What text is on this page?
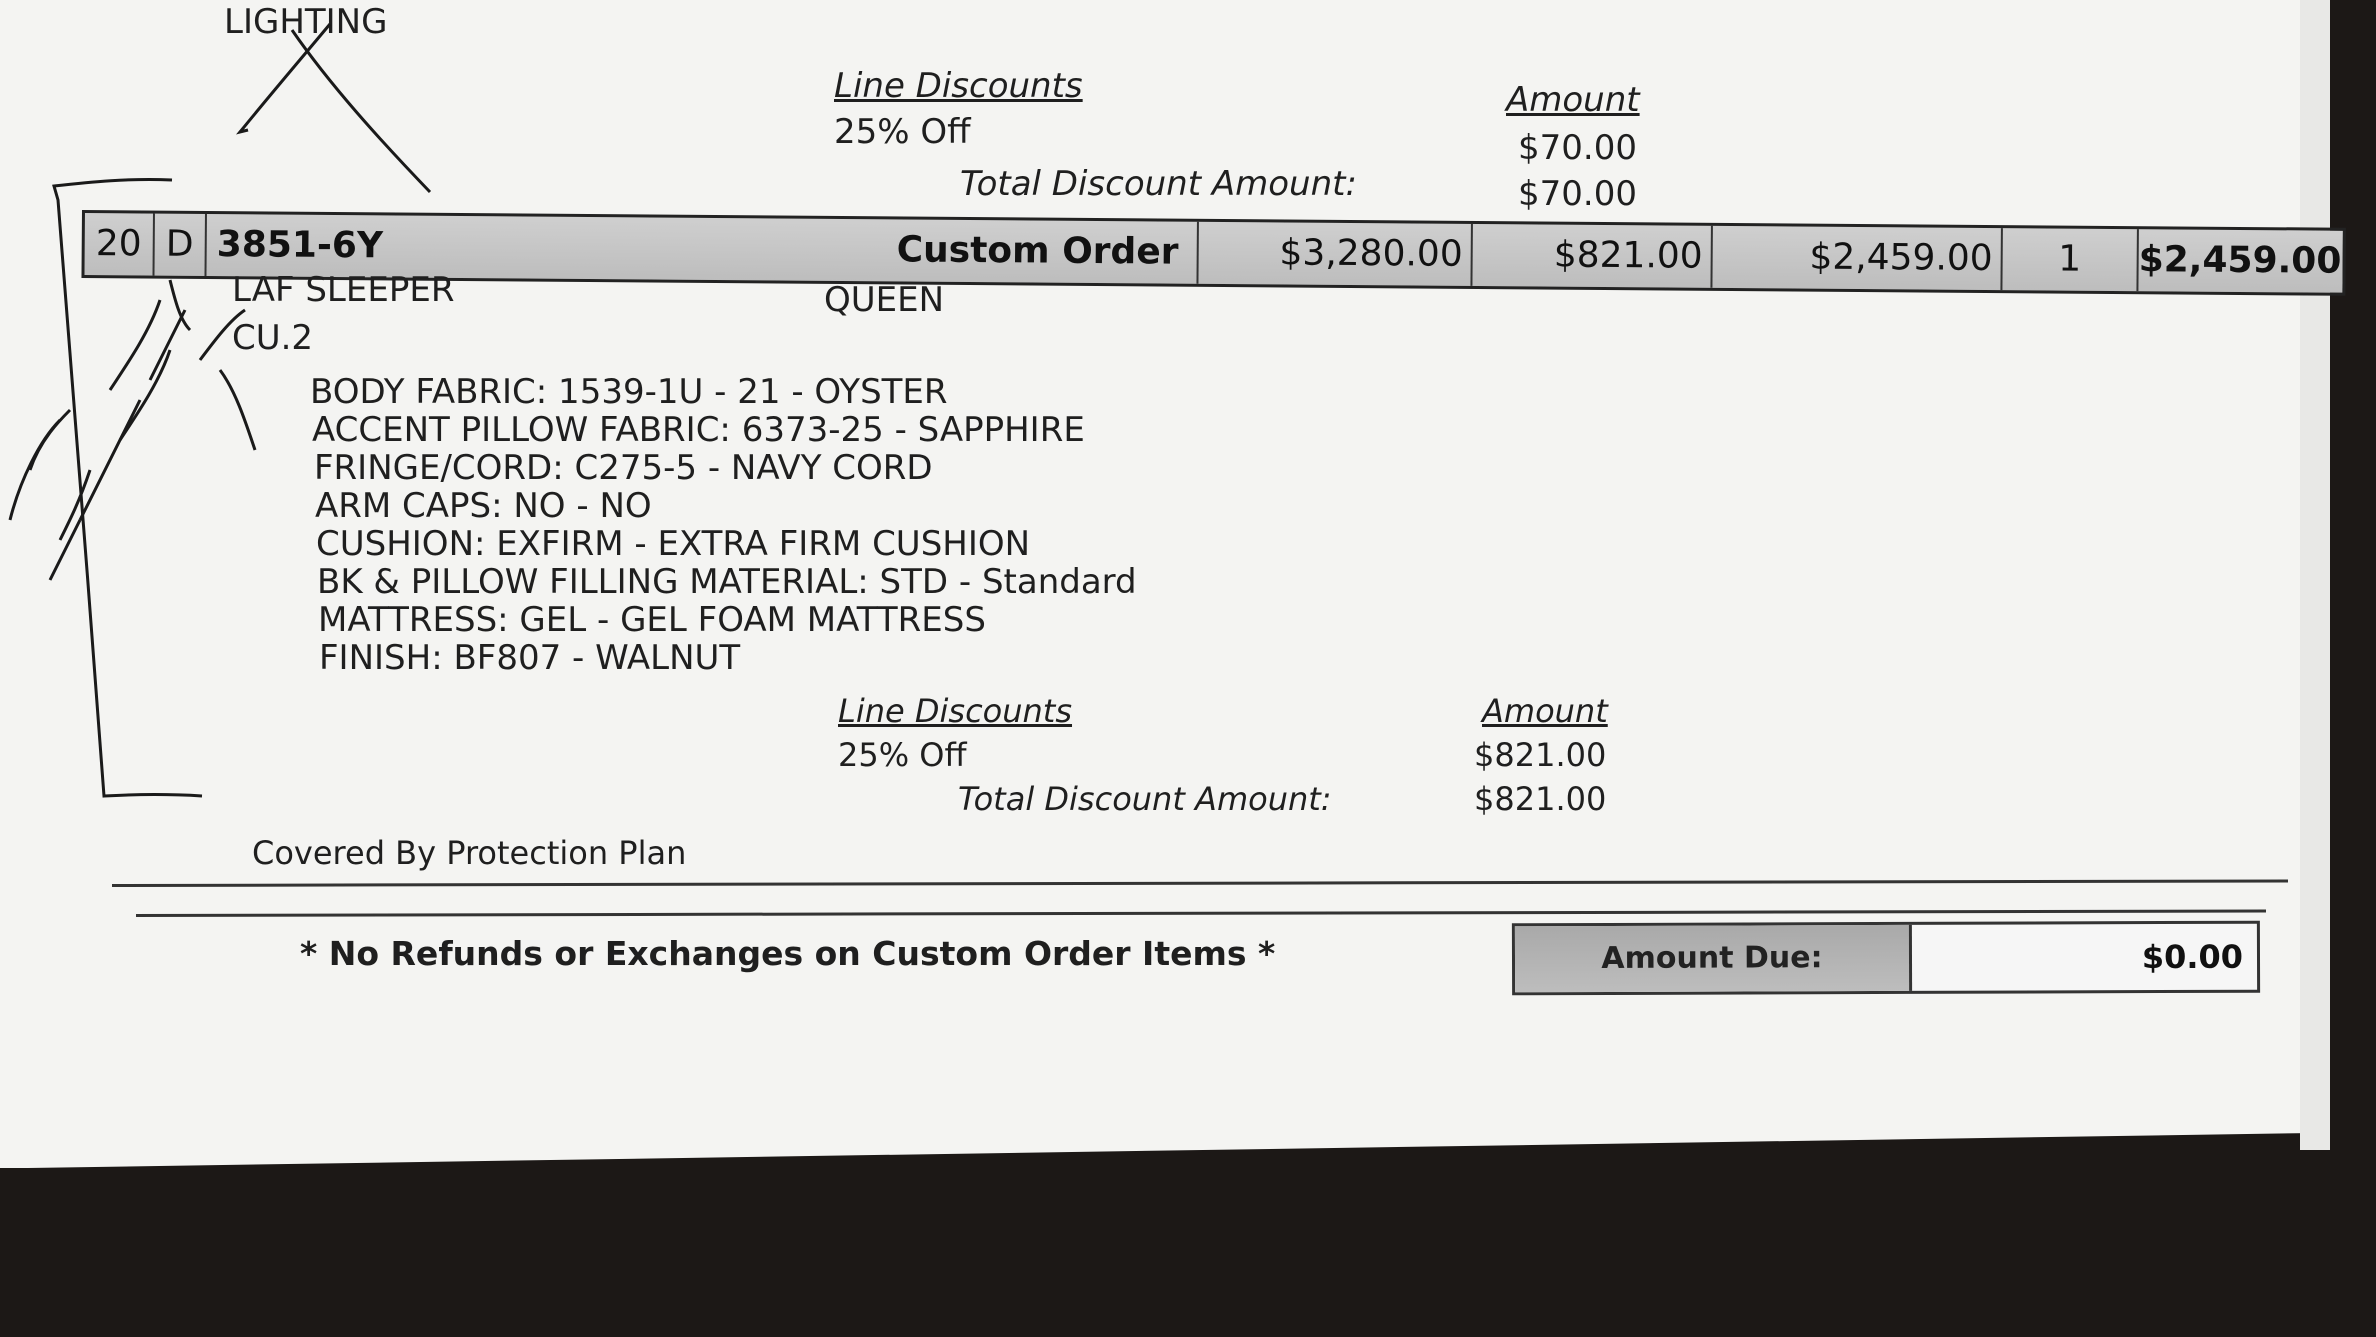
LIGHTING
Line Discounts	Amount
25% Off	$70.00
Total Discount Amount:	$70.00
20 D 3851-6Y	Custom Order	$3,280.00	$821.00	$2,459.00	1	$2,459.00
LAF SLEEPER	QUEEN
CU.2
BODY FABRIC: 1539-1U - 21 - OYSTER
ACCENT PILLOW FABRIC: 6373-25 - SAPPHIRE
FRINGE/CORD: C275-5 - NAVY CORD
ARM CAPS: NO - NO
CUSHION: EXFIRM - EXTRA FIRM CUSHION
BK & PILLOW FILLING MATERIAL: STD - Standard
MATTRESS: GEL - GEL FOAM MATTRESS
FINISH: BF807 - WALNUT
Line Discounts	Amount
25% Off	$821.00
Total Discount Amount:	$821.00
Covered By Protection Plan
* No Refunds or Exchanges on Custom Order Items *	Amount Due:	$0.00
